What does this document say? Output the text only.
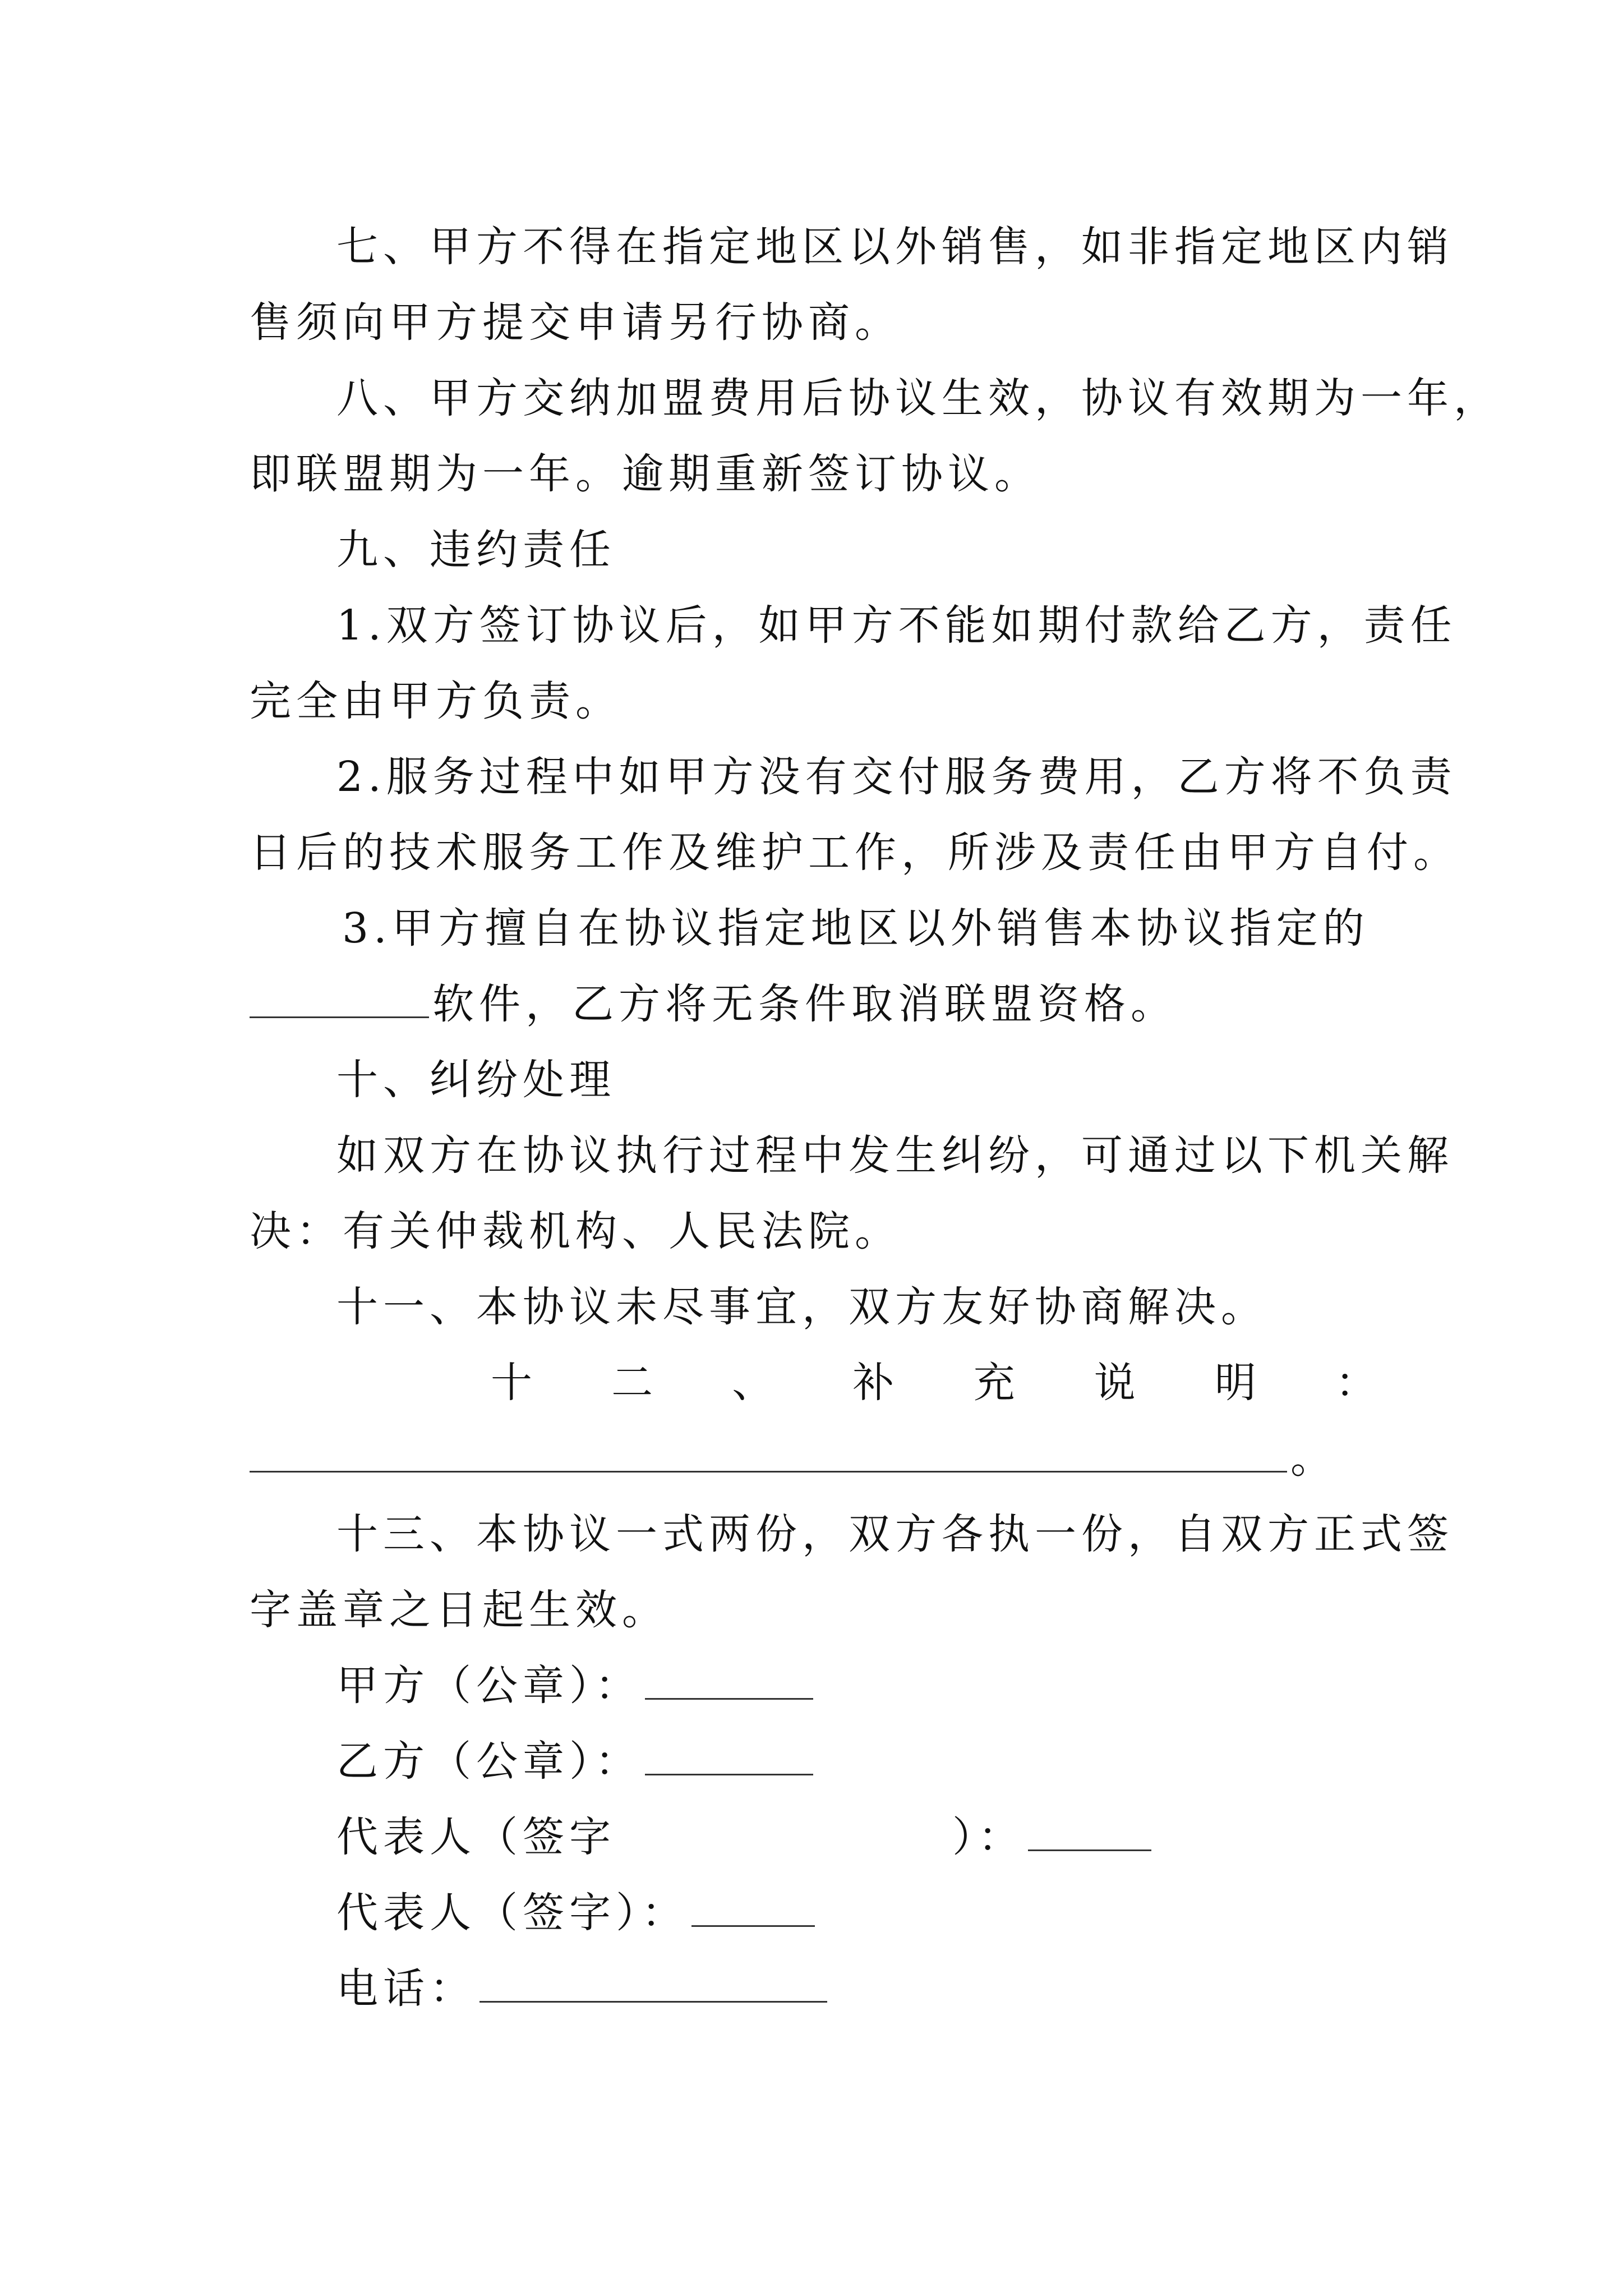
七、甲方不得在指定地区以外销售，如非指定地区内销
售须向甲方提交申请另行协商。
八、甲方交纳加盟费用后协议生效，协议有效期为一年，
即联盟期为一年。逾期重新签订协议。
九、违约责任
1.双方签订协议后，如甲方不能如期付款给乙方，责任
完全由甲方负责。
2.服务过程中如甲方没有交付服务费用，乙方将不负责
日后的技术服务工作及维护工作，所涉及责任由甲方自付。
3.甲方擅自在协议指定地区以外销售本协议指定的
软件，乙方将无条件取消联盟资格。
十、纠纷处理
如双方在协议执行过程中发生纠纷，可通过以下机关解
决：有关仲裁机构、人民法院。
十一、本协议未尽事宜，双方友好协商解决。
十 二 、 补 充 说 明 ：
。
十三、本协议一式两份，双方各执一份，自双方正式签
字盖章之日起生效。
甲方（公章）：
乙方（公章）：
代表人（签字	）：
代表人（签字）：
电话：
